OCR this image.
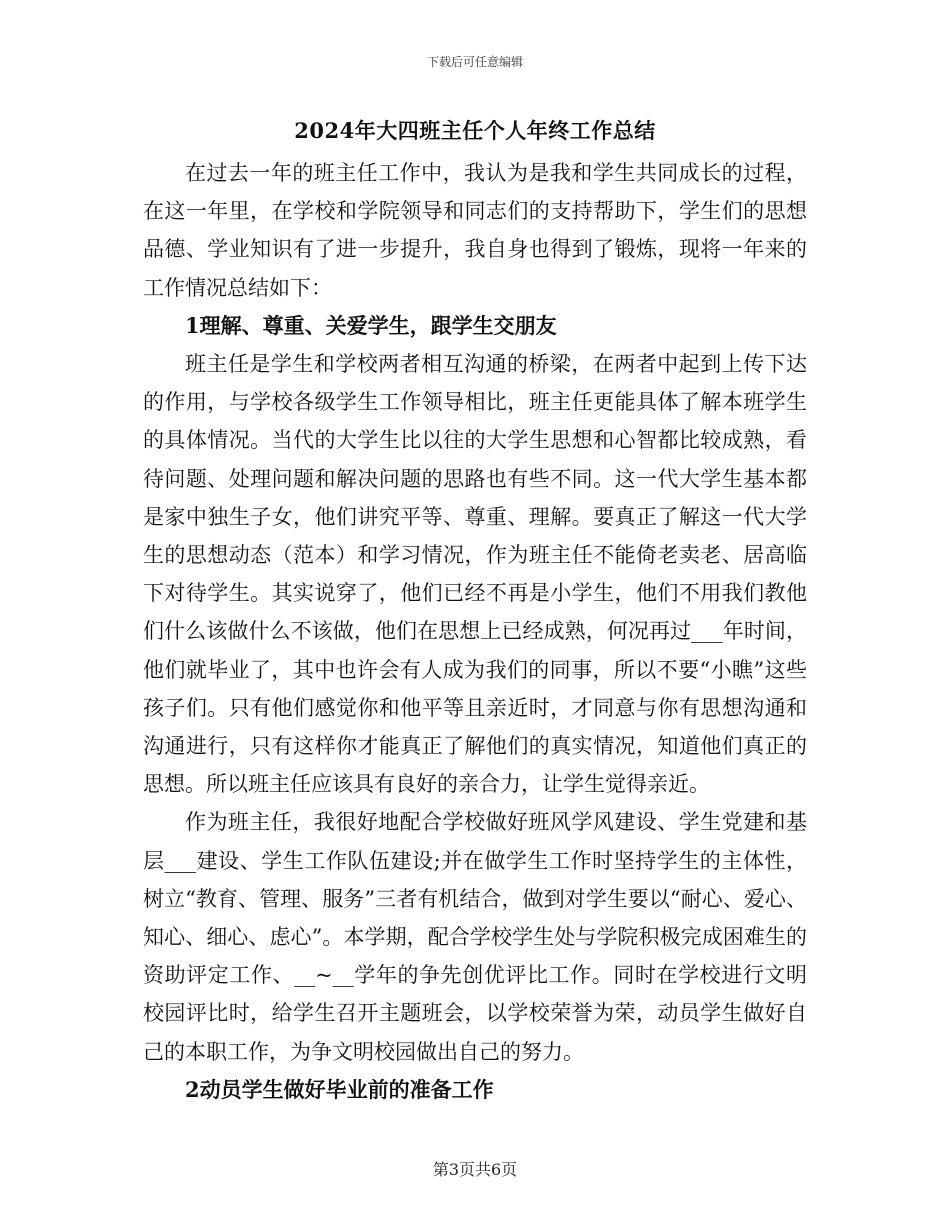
下载后可任意编辑
2024年大四班主任个人年终工作总结

在过去一年的班主任工作中，我认为是我和学生共同成长的过程，在这一年里，在学校和学院领导和同志们的支持帮助下，学生们的思想品德、学业知识有了进一步提升，我自身也得到了锻炼，现将一年来的工作情况总结如下：

1理解、尊重、关爱学生，跟学生交朋友

班主任是学生和学校两者相互沟通的桥梁，在两者中起到上传下达的作用，与学校各级学生工作领导相比，班主任更能具体了解本班学生的具体情况。当代的大学生比以往的大学生思想和心智都比较成熟，看待问题、处理问题和解决问题的思路也有些不同。这一代大学生基本都是家中独生子女，他们讲究平等、尊重、理解。要真正了解这一代大学生的思想动态（范本）和学习情况，作为班主任不能倚老卖老、居高临下对待学生。其实说穿了，他们已经不再是小学生，他们不用我们教他们什么该做什么不该做，他们在思想上已经成熟，何况再过___年时间，他们就毕业了，其中也许会有人成为我们的同事，所以不要“小瞧”这些孩子们。只有他们感觉你和他平等且亲近时，才同意与你有思想沟通和沟通进行，只有这样你才能真正了解他们的真实情况，知道他们真正的思想。所以班主任应该具有良好的亲合力，让学生觉得亲近。

作为班主任，我很好地配合学校做好班风学风建设、学生党建和基层___建设、学生工作队伍建设;并在做学生工作时坚持学生的主体性，树立“教育、管理、服务”三者有机结合，做到对学生要以“耐心、爱心、知心、细心、虑心”。本学期，配合学校学生处与学院积极完成困难生的资助评定工作、__~__学年的争先创优评比工作。同时在学校进行文明校园评比时，给学生召开主题班会，以学校荣誉为荣，动员学生做好自己的本职工作，为争文明校园做出自己的努力。

2动员学生做好毕业前的准备工作
第3页共6页
